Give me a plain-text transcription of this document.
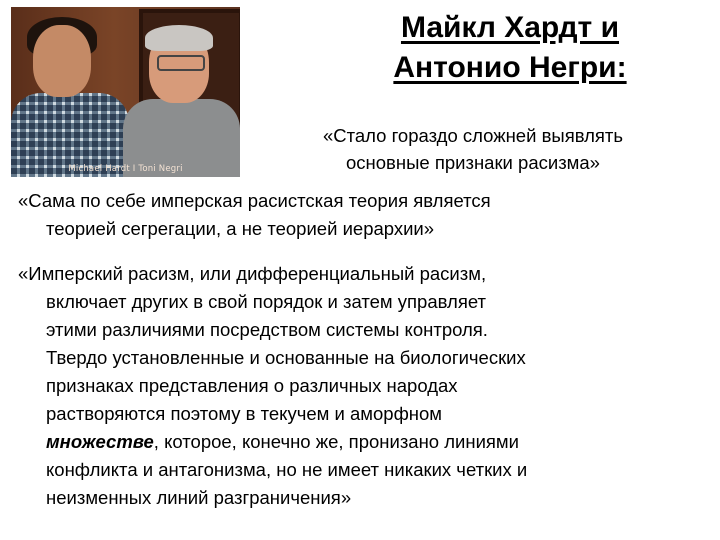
Michael Hardt I Toni Negri
Майкл Хардт и
Антонио Негри:
«Стало гораздо сложней выявлять
основные признаки расизма»
«Сама по себе имперская расистская теория является
теорией сегрегации, а не теорией иерархии»
«Имперский расизм, или дифференциальный расизм,
включает других в свой порядок и затем управляет
этими различиями посредством системы контроля.
Твердо установленные и основанные на биологических
признаках представления о различных народах
растворяются поэтому в текучем и аморфном
множестве, которое, конечно же, пронизано линиями
конфликта и антагонизма, но не имеет никаких четких и
неизменных линий разграничения»
